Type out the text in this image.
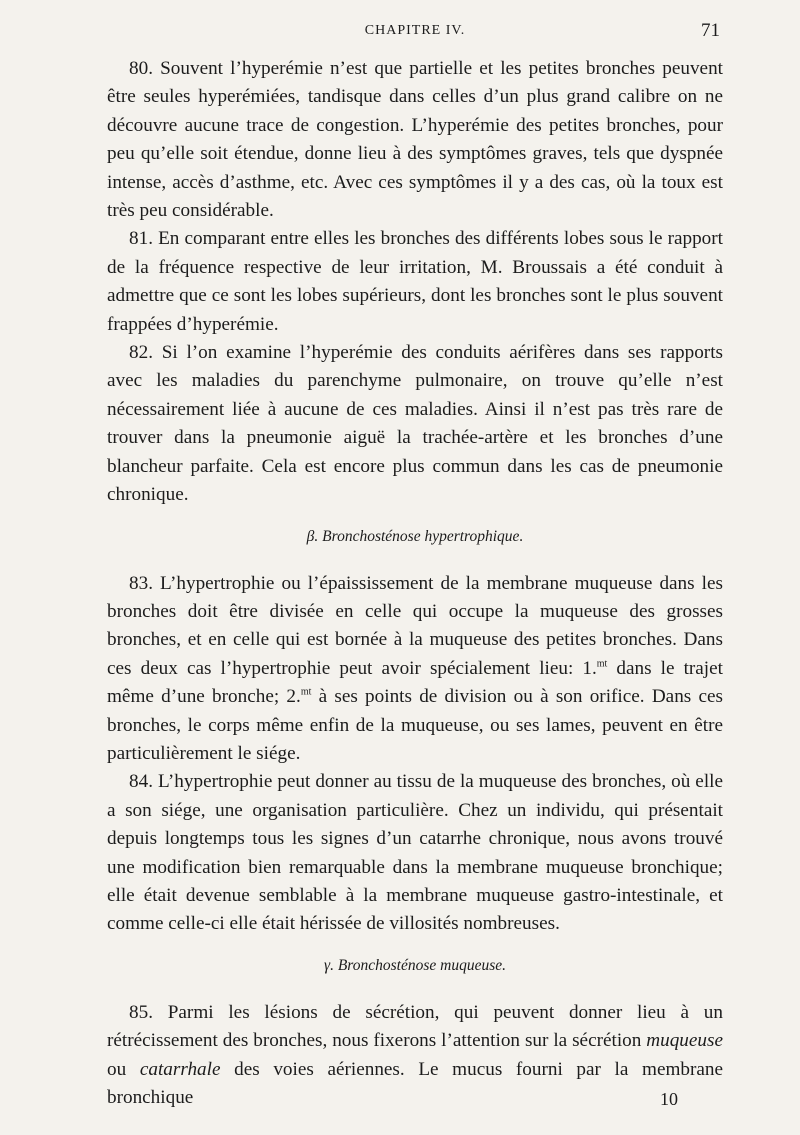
CHAPITRE IV.	71

80. Souvent l’hyperémie n’est que partielle et les petites bronches peuvent être seules hyperémiées, tandisque dans celles d’un plus grand calibre on ne découvre aucune trace de congestion. L’hyperémie des petites bronches, pour peu qu’elle soit étendue, donne lieu à des symptômes graves, tels que dyspnée intense, accès d’asthme, etc. Avec ces symptômes il y a des cas, où la toux est très peu considérable.

81. En comparant entre elles les bronches des différents lobes sous le rapport de la fréquence respective de leur irritation, M. Broussais a été conduit à admettre que ce sont les lobes supérieurs, dont les bronches sont le plus souvent frappées d’hyperémie.

82. Si l’on examine l’hyperémie des conduits aérifères dans ses rapports avec les maladies du parenchyme pulmonaire, on trouve qu’elle n’est nécessairement liée à aucune de ces maladies. Ainsi il n’est pas très rare de trouver dans la pneumonie aiguë la trachée-artère et les bronches d’une blancheur parfaite. Cela est encore plus commun dans les cas de pneumonie chronique.

β. Bronchosténose hypertrophique.

83. L’hypertrophie ou l’épaississement de la membrane muqueuse dans les bronches doit être divisée en celle qui occupe la muqueuse des grosses bronches, et en celle qui est bornée à la muqueuse des petites bronches. Dans ces deux cas l’hypertrophie peut avoir spécialement lieu: 1.$^{mt}$ dans le trajet même d’une bronche; 2.$^{mt}$ à ses points de division ou à son orifice. Dans ces bronches, le corps même enfin de la muqueuse, ou ses lames, peuvent en être particulièrement le siége.

84. L’hypertrophie peut donner au tissu de la muqueuse des bronches, où elle a son siége, une organisation particulière. Chez un individu, qui présentait depuis longtemps tous les signes d’un catarrhe chronique, nous avons trouvé une modification bien remarquable dans la membrane muqueuse bronchique; elle était devenue semblable à la membrane muqueuse gastro-intestinale, et comme celle-ci elle était hérissée de villosités nombreuses.

γ. Bronchosténose muqueuse.

85. Parmi les lésions de sécrétion, qui peuvent donner lieu à un rétrécissement des bronches, nous fixerons l’attention sur la sécrétion muqueuse ou catarrhale des voies aériennes. Le mucus fourni par la membrane bronchique	10
